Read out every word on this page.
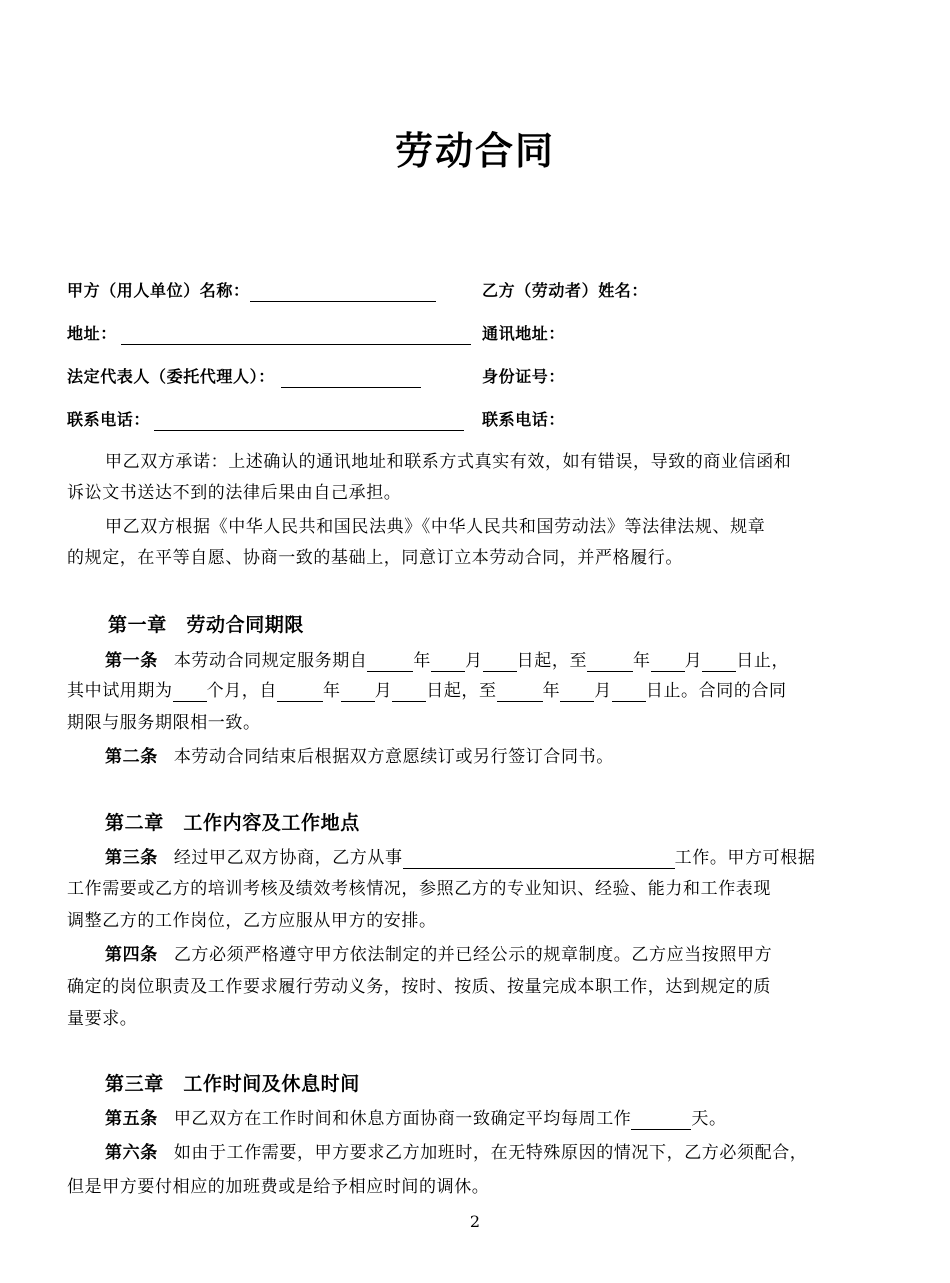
劳动合同
甲方（用人单位）名称：	乙方（劳动者）姓名：
地址：	通讯地址：
法定代表人（委托代理人）：	身份证号：
联系电话：	联系电话：
甲乙双方承诺：上述确认的通讯地址和联系方式真实有效，如有错误，导致的商业信函和
诉讼文书送达不到的法律后果由自己承担。
甲乙双方根据《中华人民共和国民法典》《中华人民共和国劳动法》等法律法规、规章
的规定，在平等自愿、协商一致的基础上，同意订立本劳动合同，并严格履行。
第一章　劳动合同期限
第一条 本劳动合同规定服务期自	年 月 日起，至	年 月 日止，
其中试用期为 个月，自	年 月 日起，至	年 月 日止。合同的合同
期限与服务期限相一致。
第二条 本劳动合同结束后根据双方意愿续订或另行签订合同书。
第二章　工作内容及工作地点
第三条 经过甲乙双方协商，乙方从事	工作。甲方可根据
工作需要或乙方的培训考核及绩效考核情况，参照乙方的专业知识、经验、能力和工作表现
调整乙方的工作岗位，乙方应服从甲方的安排。
第四条 乙方必须严格遵守甲方依法制定的并已经公示的规章制度。乙方应当按照甲方
确定的岗位职责及工作要求履行劳动义务，按时、按质、按量完成本职工作，达到规定的质
量要求。
第三章　工作时间及休息时间
第五条 甲乙双方在工作时间和休息方面协商一致确定平均每周工作	天。
第六条 如由于工作需要，甲方要求乙方加班时，在无特殊原因的情况下，乙方必须配合，
但是甲方要付相应的加班费或是给予相应时间的调休。
2
